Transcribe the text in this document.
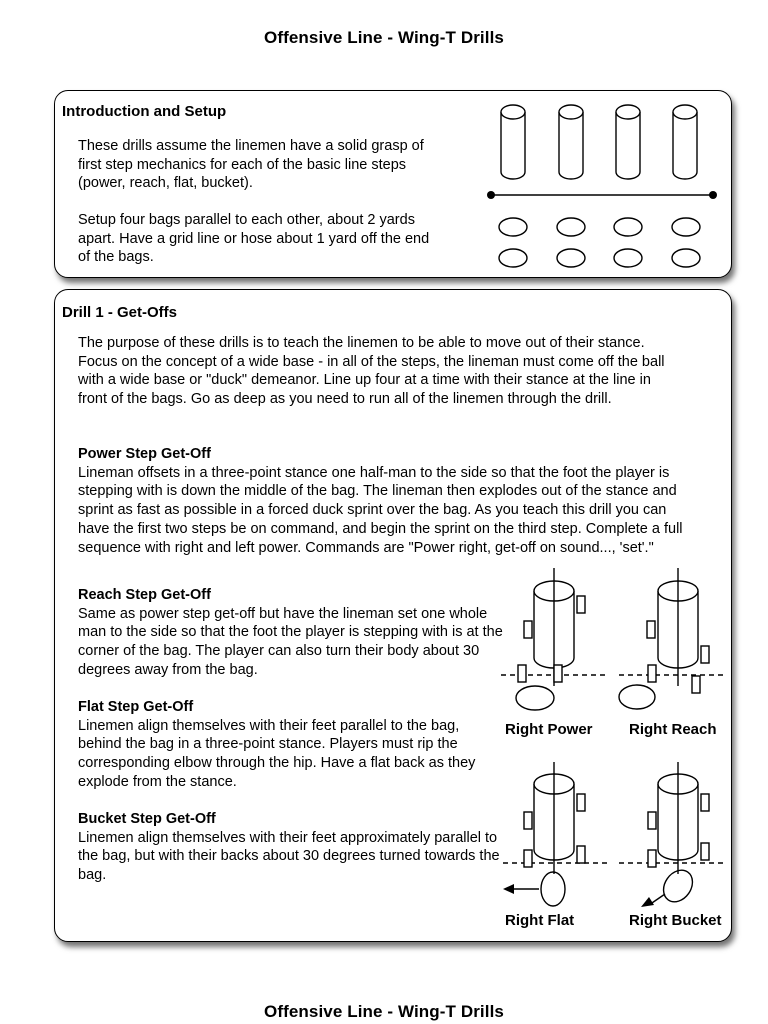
Offensive Line - Wing-T Drills
Introduction and Setup

These drills assume the linemen have a solid grasp of first step mechanics for each of the basic line steps (power, reach, flat, bucket).

Setup four bags parallel to each other, about 2 yards apart. Have a grid line or hose about 1 yard off the end of the bags.

Drill 1 - Get-Offs

The purpose of these drills is to teach the linemen to be able to move out of their stance. Focus on the concept of a wide base - in all of the steps, the lineman must come off the ball with a wide base or "duck" demeanor. Line up four at a time with their stance at the line in front of the bags. Go as deep as you need to run all of the linemen through the drill.

Power Step Get-Off
Lineman offsets in a three-point stance one half-man to the side so that the foot the player is stepping with is down the middle of the bag. The lineman then explodes out of the stance and sprint as fast as possible in a forced duck sprint over the bag. As you teach this drill you can have the first two steps be on command, and begin the sprint on the third step. Complete a full sequence with right and left power. Commands are "Power right, get-off on sound..., 'set'."
Reach Step Get-Off
Same as power step get-off but have the lineman set one whole man to the side so that the foot the player is stepping with is at the corner of the bag. The player can also turn their body about 30 degrees away from the bag.
Flat Step Get-Off
Linemen align themselves with their feet parallel to the bag, behind the bag in a three-point stance. Players must rip the corresponding elbow through the hip. Have a flat back as they explode from the stance.
Bucket Step Get-Off
Linemen align themselves with their feet approximately parallel to the bag, but with their backs about 30 degrees turned towards the bag.
Right Power Right Reach
Right Flat	Right Bucket
Offensive Line - Wing-T Drills
